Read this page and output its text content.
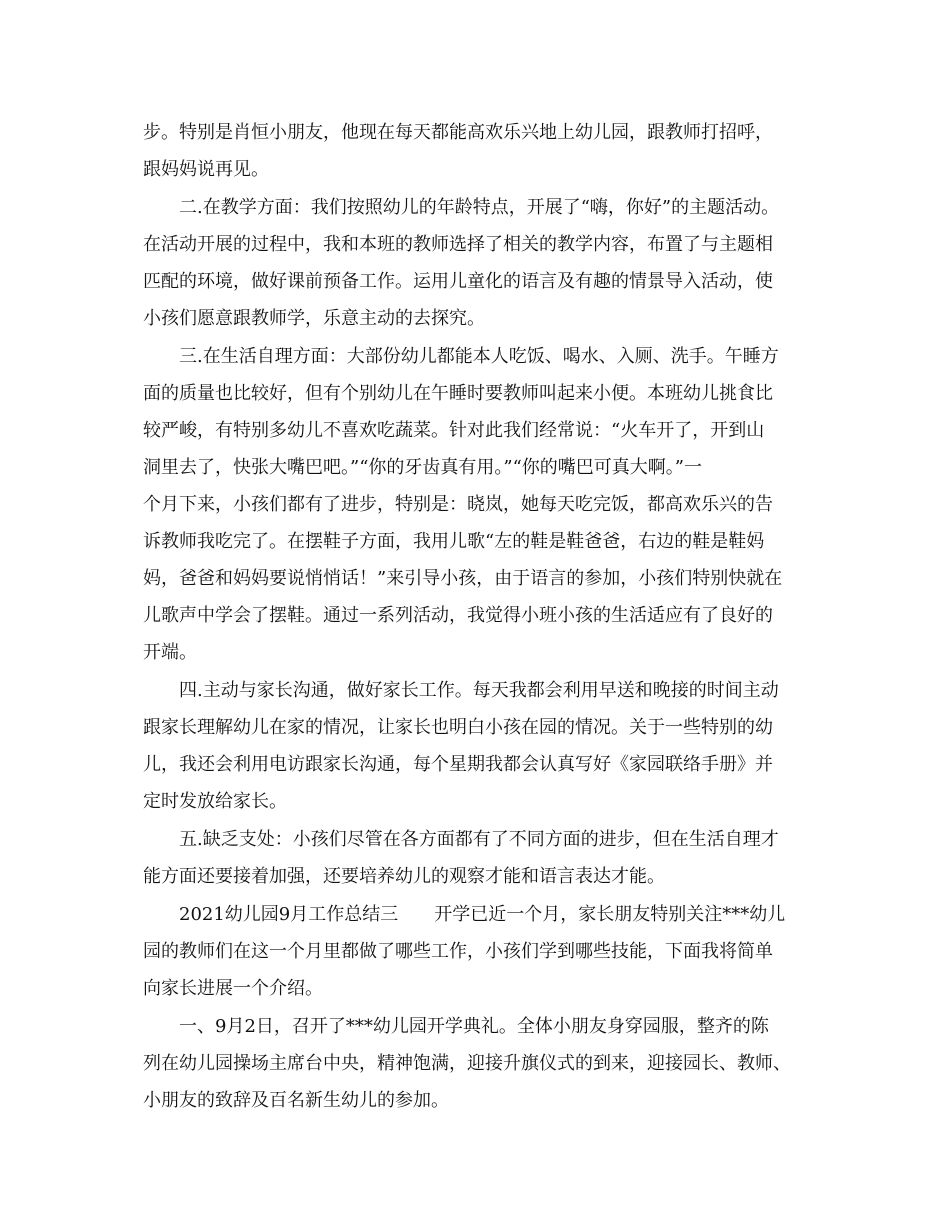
步。特别是肖恒小朋友，他现在每天都能高欢乐兴地上幼儿园，跟教师打招呼，
跟妈妈说再见。
二.在教学方面：我们按照幼儿的年龄特点，开展了“嗨，你好”的主题活动。
在活动开展的过程中，我和本班的教师选择了相关的教学内容，布置了与主题相
匹配的环境，做好课前预备工作。运用儿童化的语言及有趣的情景导入活动，使
小孩们愿意跟教师学，乐意主动的去探究。
三.在生活自理方面：大部份幼儿都能本人吃饭、喝水、入厕、洗手。午睡方
面的质量也比较好，但有个别幼儿在午睡时要教师叫起来小便。本班幼儿挑食比
较严峻，有特别多幼儿不喜欢吃蔬菜。针对此我们经常说：“火车开了，开到山
洞里去了，快张大嘴巴吧。”“你的牙齿真有用。”“你的嘴巴可真大啊。”一
个月下来，小孩们都有了进步，特别是：晓岚，她每天吃完饭，都高欢乐兴的告
诉教师我吃完了。在摆鞋子方面，我用儿歌“左的鞋是鞋爸爸，右边的鞋是鞋妈
妈，爸爸和妈妈要说悄悄话！”来引导小孩，由于语言的参加，小孩们特别快就在
儿歌声中学会了摆鞋。通过一系列活动，我觉得小班小孩的生活适应有了良好的
开端。
四.主动与家长沟通，做好家长工作。每天我都会利用早送和晚接的时间主动
跟家长理解幼儿在家的情况，让家长也明白小孩在园的情况。关于一些特别的幼
儿，我还会利用电访跟家长沟通，每个星期我都会认真写好《家园联络手册》并
定时发放给家长。
五.缺乏支处：小孩们尽管在各方面都有了不同方面的进步，但在生活自理才
能方面还要接着加强，还要培养幼儿的观察才能和语言表达才能。
2021幼儿园9月工作总结三　　开学已近一个月，家长朋友特别关注***幼儿
园的教师们在这一个月里都做了哪些工作，小孩们学到哪些技能，下面我将简单
向家长进展一个介绍。
一、9月2日，召开了***幼儿园开学典礼。全体小朋友身穿园服，整齐的陈
列在幼儿园操场主席台中央，精神饱满，迎接升旗仪式的到来，迎接园长、教师、
小朋友的致辞及百名新生幼儿的参加。
